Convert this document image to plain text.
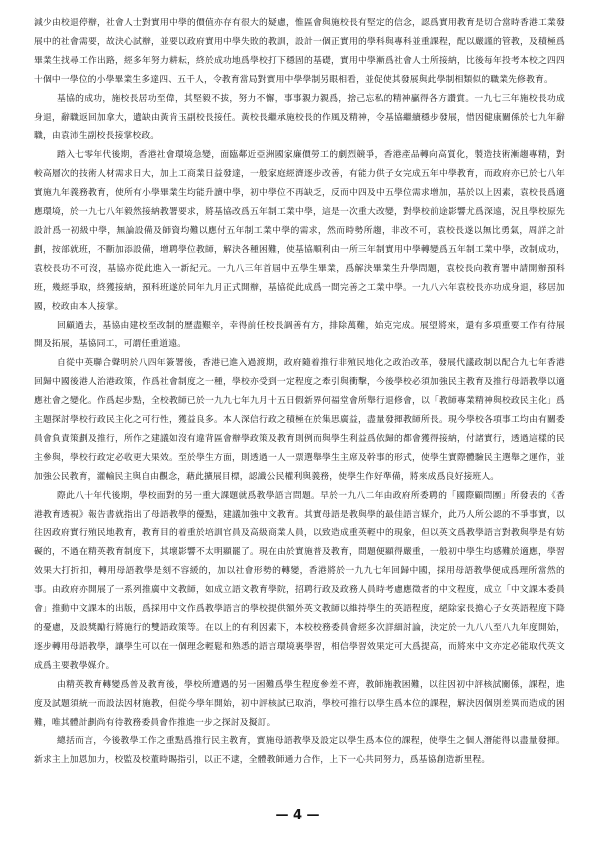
減少由校退停辦，社會人士對實用中學的價值亦存有很大的疑慮，惟區會與施校長有堅定的信念，認爲實用教育是切合當時香港工業發展中的社會需要，故決心試辦，並要以政府實用中學失敗的教訓，設計一個正實用的學科與專科並重課程，配以嚴謹的管教，及積極爲畢業生找尋工作出路，經多年努力耕耘，終於成功地爲學校打下穩固的基礎，實用中學漸爲社會人士所接納，比後每年投考本校之四四十個中一學位的小學畢業生多達四、五千人，令教育當局對實用中學學制另眼相看，並促使其發展與此學制相類似的職業先修教育。

基協的成功，施校長居功至偉，其堅毅不拔，努力不懈，事事親力親爲，捨己忘私的精神贏得各方讚賞。一九七三年施校長功成身退，辭職返回加拿大，遺缺由黃肯玉副校長接任。黃校長繼承施校長的作風及精神，令基協繼續穩步發展，惜因健康關係於七九年辭職，由袁沛生副校長接掌校政。

踏入七零年代後期，香港社會環境急變，面臨鄰近亞洲國家廉價勞工的劇烈競爭，香港產品轉向高質化，製造技術漸趨專精，對較高層次的技術人材需求日大，加上工商業日益發達，一般家庭經濟逐步改善，有能力供子女完成五年中學教育，而政府亦已於七八年實施九年義務教育，使所有小學畢業生均能升讀中學，初中學位不再缺乏，反而中四及中五學位需求增加，基於以上因素，袁校長爲適應環境，於一九七八年毅然接納教署要求，將基協改爲五年制工業中學，這是一次重大改變，對學校前途影響尤爲深遠，況且學校原先設計爲一初級中學，無論設備及師資均難以應付五年制工業中學的需求，然而時勢所趨，非改不可，袁校長遂以無比勇氣，周詳之計劃，按部就班，不斷加添設備，增聘學位教師，解決各種困難，使基協順利由一所三年制實用中學轉變爲五年制工業中學，改制成功，袁校長功不可沒，基協亦從此進入一新紀元。一九八三年首屆中五學生畢業，爲解決畢業生升學問題，袁校長向教育署申請開辦預科班，幾經爭取，終獲接納，預科班遂於同年九月正式開辦，基協從此成爲一間完善之工業中學。一九八六年袁校長亦功成身退，移居加國，校政由本人接掌。

回顧過去，基協由建校至改制的歷盡艱辛，幸得前任校長調善有方，排除萬難，始克完成。展望將來，還有多項重要工作有待展開及拓展，基協同工，可謂任重道遠。

自從中英聯合聲明於八四年簽署後，香港已進入過渡期，政府隨着推行非殖民地化之政治改革，發展代議政制以配合九七年香港回歸中國後港人治港政策，作爲社會制度之一種，學校亦受到一定程度之牽引與衝擊，今後學校必須加強民主教育及推行母語教學以適應社會之變化。作爲起步點，全校教師已於一九九七年九月十五日假新界何福堂會所舉行退修會，以「教師專業精神與校政民主化」爲主題探討學校行政民主化之可行性，獲益良多。本人深信行政之積極在於集思廣益，盡量發揮教師所長。現今學校各項事工均由有關委員會負責策劃及推行，所作之建議如沒有違背區會辦學政策及教育則例而與學生利益爲依歸的都會獲得接納，付諸實行，透過這樣的民主參與，學校行政定必收更大果效。至於學生方面，則透過一人一票選舉學生主席及幹事的形式，使學生實際體驗民主選舉之運作，並加強公民教育，灌輸民主與自由觀念，藉此擴展目標，認識公民權利與義務，使學生作好準備，將來成爲良好接班人。

際此八十年代後期，學校面對的另一重大課題就爲教學語言問題。早於一九八二年由政府所委聘的「國際顧問團」所發表的《香港教育透視》報告書就指出了母語教學的優點，建議加強中文教育。其實母語是教與學的最佳語言媒介，此乃人所公認的不爭事實，以往因政府實行殖民地教育，教育目的着重於培訓官員及高級商業人員，以致造成重英輕中的現象，但以英文爲教學語言對教與學是有妨礙的，不過在精英教育制度下，其壞影響不太明顯罷了。現在由於實施普及教育，問題便顯得嚴重，一般初中學生均感難於適應，學習效果大打折扣，轉用母語教學是刻不容緩的，加以社會形勢的轉變，香港將於一九九七年回歸中國，採用母語教學便成爲理所當然的事。由政府亦開展了一系列推廣中文教師，如成立語文教育學院，招聘行政及政務人員時考慮應徵者的中文程度，成立「中文課本委員會」推動中文課本的出版，爲採用中文作爲教學語言的學校提供額外英文教師以維持學生的英語程度，絕除家長擔心子女英語程度下降的憂慮，及設獎勵行將施行的雙語政策等。在以上的有利因素下，本校校務委員會經多次詳細討論，決定於一九八八至八九年度開始，逐步轉用母語教學，讓學生可以在一個理念輕鬆和熟悉的語言環境裏學習，相信學習效果定可大爲提高，而將來中文亦定必能取代英文成爲主要教學媒介。

由精英教育轉變爲普及教育後，學校所遭遇的另一困難爲學生程度參差不齊，教師施教困難，以往因初中評核試關係，課程，進度及試題須統一而設法因材施教，但從今學年開始，初中評核試已取消，學校可推行以學生爲本位的課程，解決因個別差異而造成的困難，唯其體計劃尚有待教務委員會作推進一步之探討及擬訂。

總括而言，今後教學工作之重點爲推行民主教育，實施母語教學及設定以學生爲本位的課程，使學生之個人潛能得以盡量發揮。新求主上加恩加力，校監及校董時賜指引，以正不逮，全體教師通力合作，上下一心共同努力，爲基協創造新里程。

— 4 —
